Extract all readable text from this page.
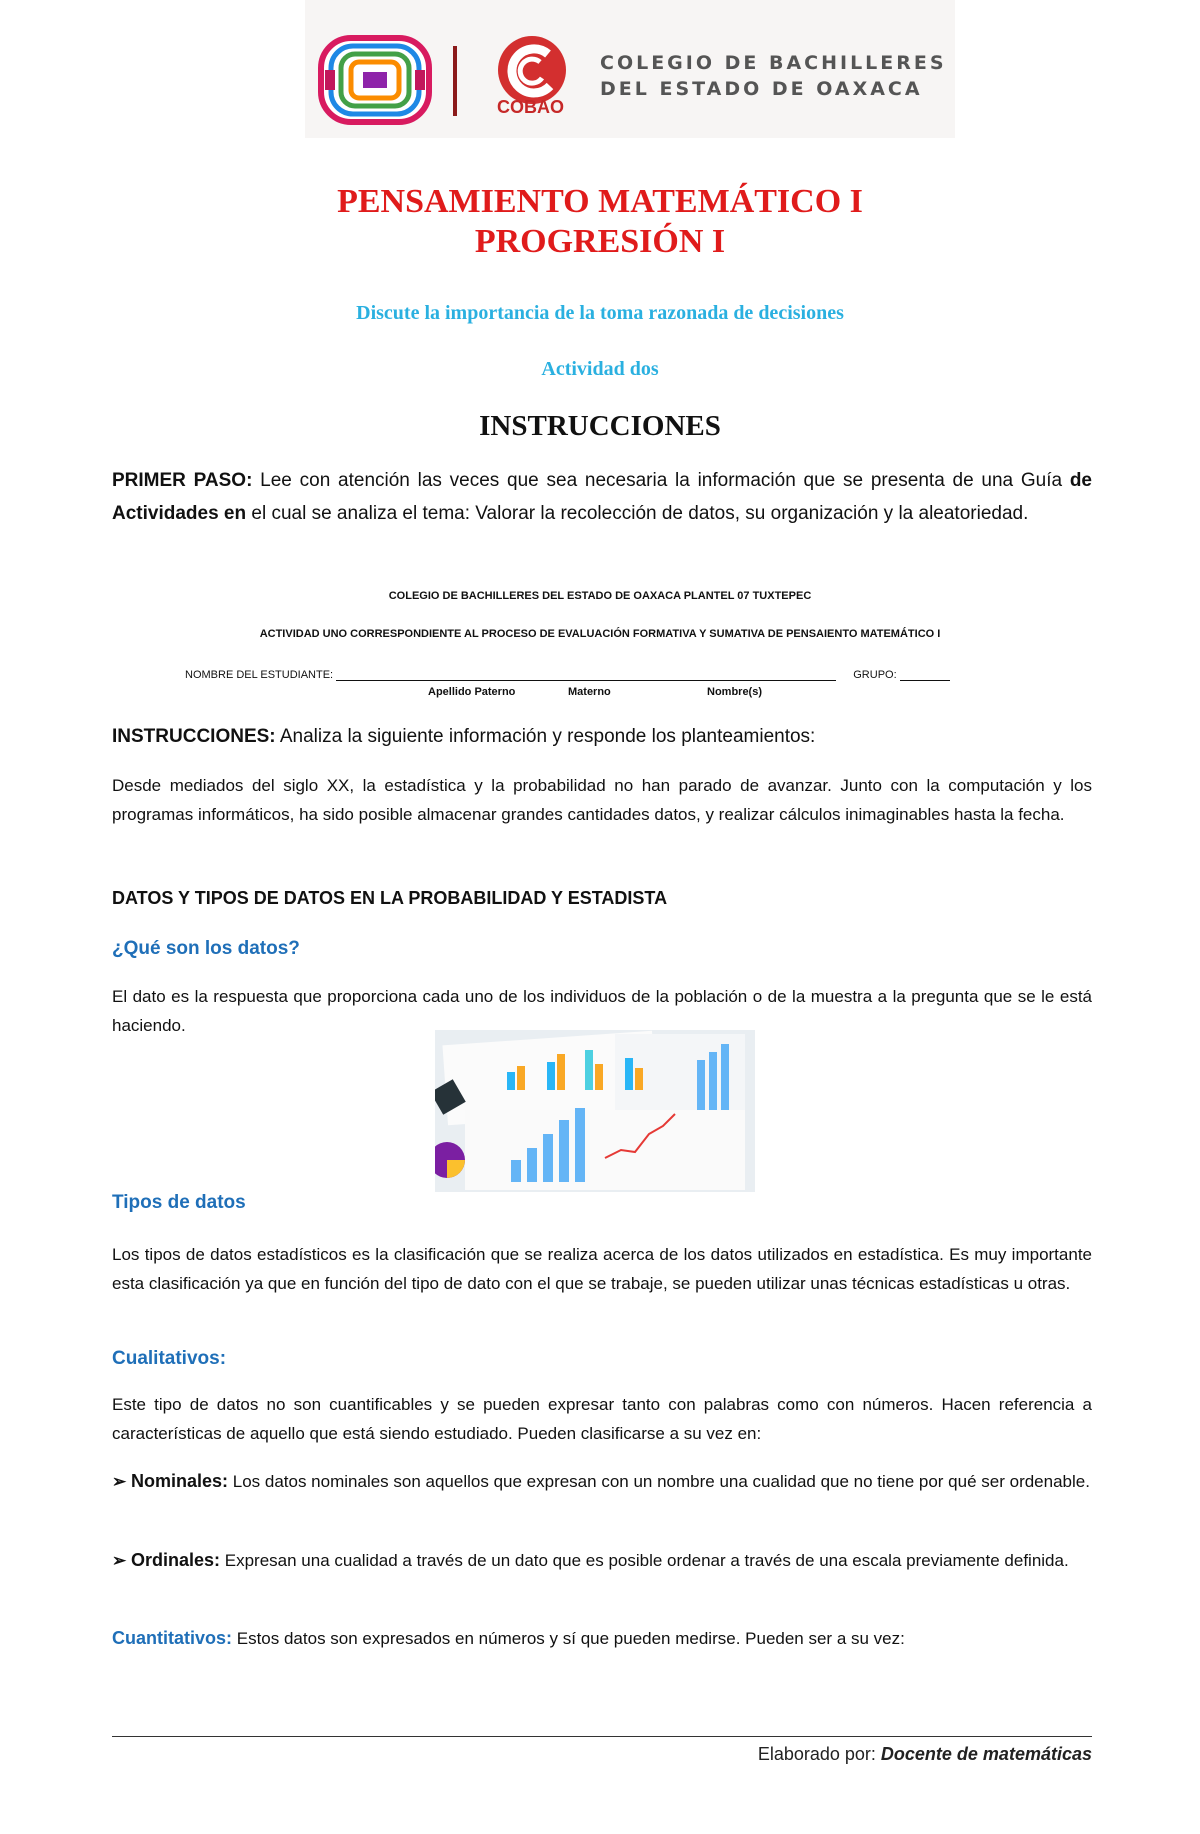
COBAO
COLEGIO DE BACHILLERES
DEL ESTADO DE OAXACA
PENSAMIENTO MATEMÁTICO I
PROGRESIÓN I
Discute la importancia de la toma razonada de decisiones
Actividad dos
INSTRUCCIONES
PRIMER PASO: Lee con atención las veces que sea necesaria la información que se presenta de una Guía de Actividades en el cual se analiza el tema: Valorar la recolección de datos, su organización y la aleatoriedad.
COLEGIO DE BACHILLERES DEL ESTADO DE OAXACA PLANTEL 07 TUXTEPEC
ACTIVIDAD UNO CORRESPONDIENTE AL PROCESO DE EVALUACIÓN FORMATIVA Y SUMATIVA DE PENSAIENTO MATEMÁTICO I
NOMBRE DEL ESTUDIANTE:	GRUPO:
Apellido Paterno	Materno	Nombre(s)
INSTRUCCIONES: Analiza la siguiente información y responde los planteamientos:
Desde mediados del siglo XX, la estadística y la probabilidad no han parado de avanzar. Junto con la computación y los programas informáticos, ha sido posible almacenar grandes cantidades datos, y realizar cálculos inimaginables hasta la fecha.
DATOS Y TIPOS DE DATOS EN LA PROBABILIDAD Y ESTADISTA
¿Qué son los datos?
El dato es la respuesta que proporciona cada uno de los individuos de la población o de la muestra a la pregunta que se le está haciendo.
Tipos de datos
Los tipos de datos estadísticos es la clasificación que se realiza acerca de los datos utilizados en estadística. Es muy importante esta clasificación ya que en función del tipo de dato con el que se trabaje, se pueden utilizar unas técnicas estadísticas u otras.
Cualitativos:
Este tipo de datos no son cuantificables y se pueden expresar tanto con palabras como con números. Hacen referencia a características de aquello que está siendo estudiado. Pueden clasificarse a su vez en:
➢ Nominales: Los datos nominales son aquellos que expresan con un nombre una cualidad que no tiene por qué ser ordenable.
➢ Ordinales: Expresan una cualidad a través de un dato que es posible ordenar a través de una escala previamente definida.
Cuantitativos: Estos datos son expresados en números y sí que pueden medirse. Pueden ser a su vez:
Elaborado por: Docente de matemáticas
